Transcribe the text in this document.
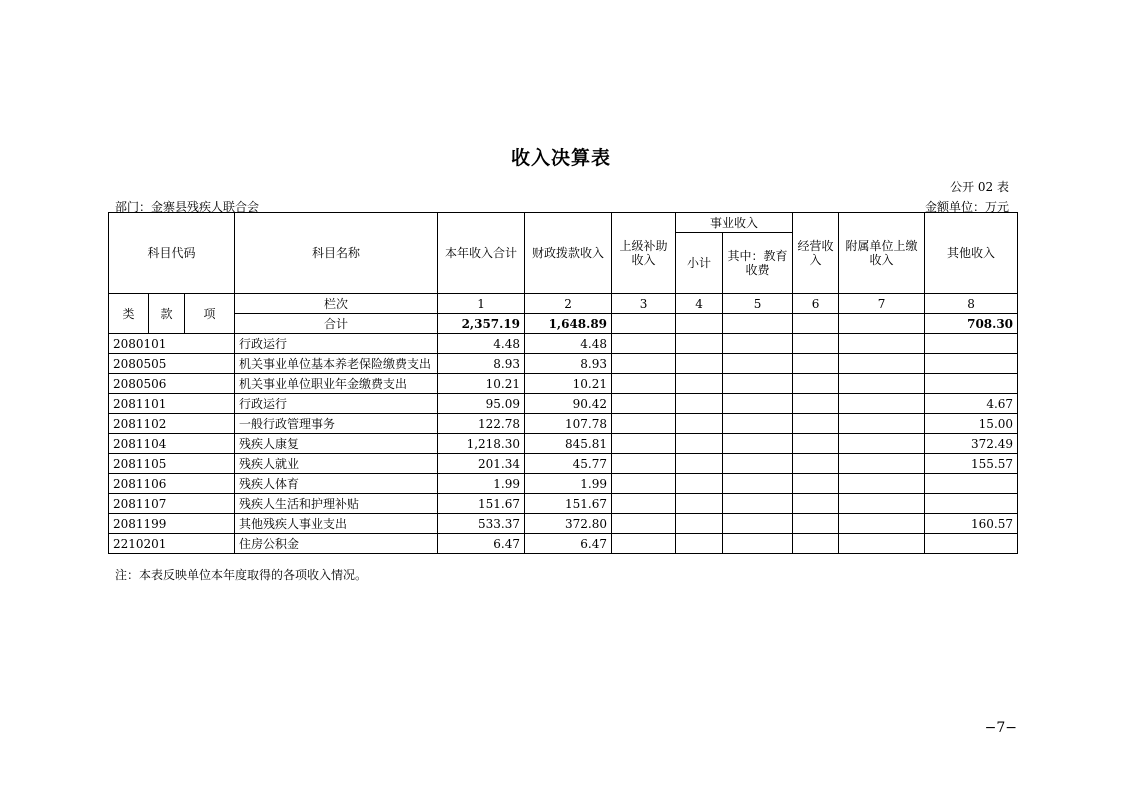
收入决算表
公开 02 表
部门：金寨县残疾人联合会	金额单位：万元
科目代码			科目名称	本年收入合计	财政拨款收入	上级补助收入	事业收入		经营收入	附属单位上缴收入	其他收入
							小计	其中：教育收费			
类	款	项	栏次	1	2	3	4	5	6	7	8
			合计	2,357.19	1,648.89						708.30
2080101			行政运行	4.48	4.48						
2080505			机关事业单位基本养老保险缴费支出	8.93	8.93						
2080506			机关事业单位职业年金缴费支出	10.21	10.21						
2081101			行政运行	95.09	90.42						4.67
2081102			一般行政管理事务	122.78	107.78						15.00
2081104			残疾人康复	1,218.30	845.81						372.49
2081105			残疾人就业	201.34	45.77						155.57
2081106			残疾人体育	1.99	1.99						
2081107			残疾人生活和护理补贴	151.67	151.67						
2081199			其他残疾人事业支出	533.37	372.80						160.57
2210201			住房公积金	6.47	6.47						
注：本表反映单位本年度取得的各项收入情况。
−7−
